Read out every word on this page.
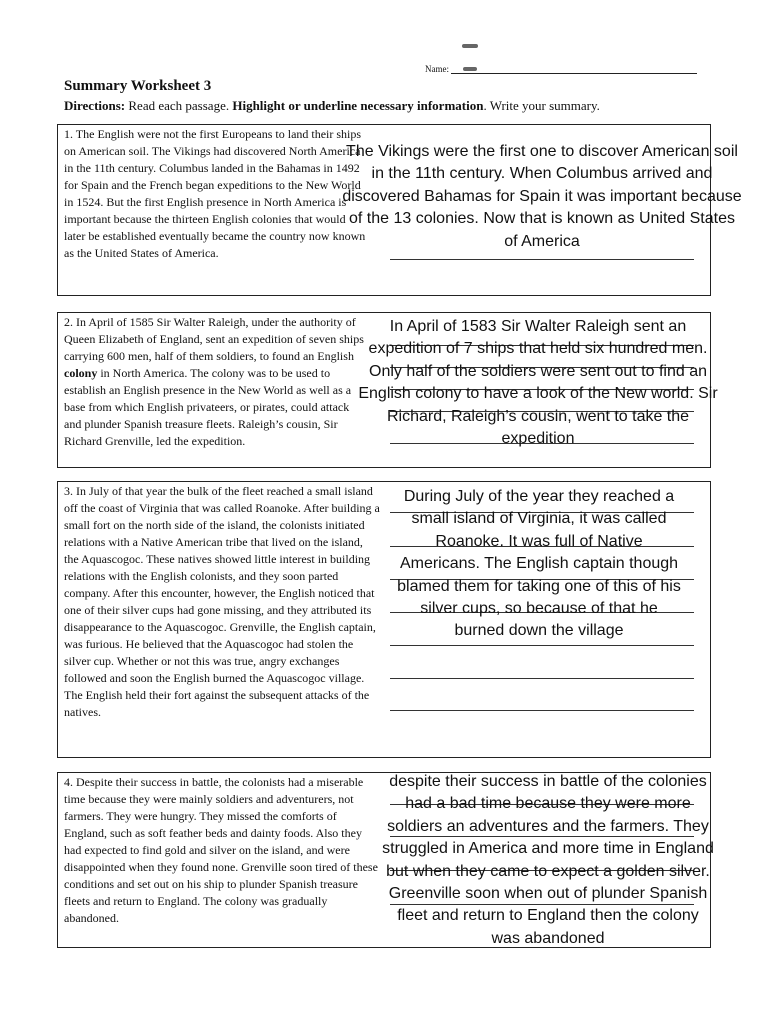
Name:
Summary Worksheet 3
Directions: Read each passage. Highlight or underline necessary information. Write your summary.

1. The English were not the first Europeans to land their ships on American soil. The Vikings had discovered North America in the 11th century. Columbus landed in the Bahamas in 1492 for Spain and the French began expeditions to the New World in 1524. But the first English presence in North America is important because the thirteen English colonies that would later be established eventually became the country now known as the United States of America.

The Vikings were the first one to discover American soil in the 11th century. When Columbus arrived and discovered Bahamas for Spain it was important because of the 13 colonies. Now that is known as United States of America

2. In April of 1585 Sir Walter Raleigh, under the authority of Queen Elizabeth of England, sent an expedition of seven ships carrying 600 men, half of them soldiers, to found an English colony in North America. The colony was to be used to establish an English presence in the New World as well as a base from which English privateers, or pirates, could attack and plunder Spanish treasure fleets. Raleigh’s cousin, Sir Richard Grenville, led the expedition.

In April of 1583 Sir Walter Raleigh sent an expedition of 7 ships that held six hundred men. Only half of the soldiers were sent out to find an English colony to have a look of the New world. Sir Richard, Raleigh’s cousin, went to take the expedition

3. In July of that year the bulk of the fleet reached a small island off the coast of Virginia that was called Roanoke. After building a small fort on the north side of the island, the colonists initiated relations with a Native American tribe that lived on the island, the Aquascogoc. These natives showed little interest in building relations with the English colonists, and they soon parted company. After this encounter, however, the English noticed that one of their silver cups had gone missing, and they attributed its disappearance to the Aquascogoc. Grenville, the English captain, was furious. He believed that the Aquascogoc had stolen the silver cup. Whether or not this was true, angry exchanges followed and soon the English burned the Aquascogoc village. The English held their fort against the subsequent attacks of the natives.

During July of the year they reached a small island of Virginia, it was called Roanoke. It was full of Native Americans. The English captain though blamed them for taking one of this of his silver cups, so because of that he burned down the village

4. Despite their success in battle, the colonists had a miserable time because they were mainly soldiers and adventurers, not farmers. They were hungry. They missed the comforts of England, such as soft feather beds and dainty foods. Also they had expected to find gold and silver on the island, and were disappointed when they found none. Grenville soon tired of these conditions and set out on his ship to plunder Spanish treasure fleets and return to England. The colony was gradually abandoned.

despite their success in battle of the colonies had a bad time because they were more soldiers an adventures and the farmers. They struggled in America and more time in England but when they came to expect a golden silver. Greenville soon when out of plunder Spanish fleet and return to England then the colony was abandoned
